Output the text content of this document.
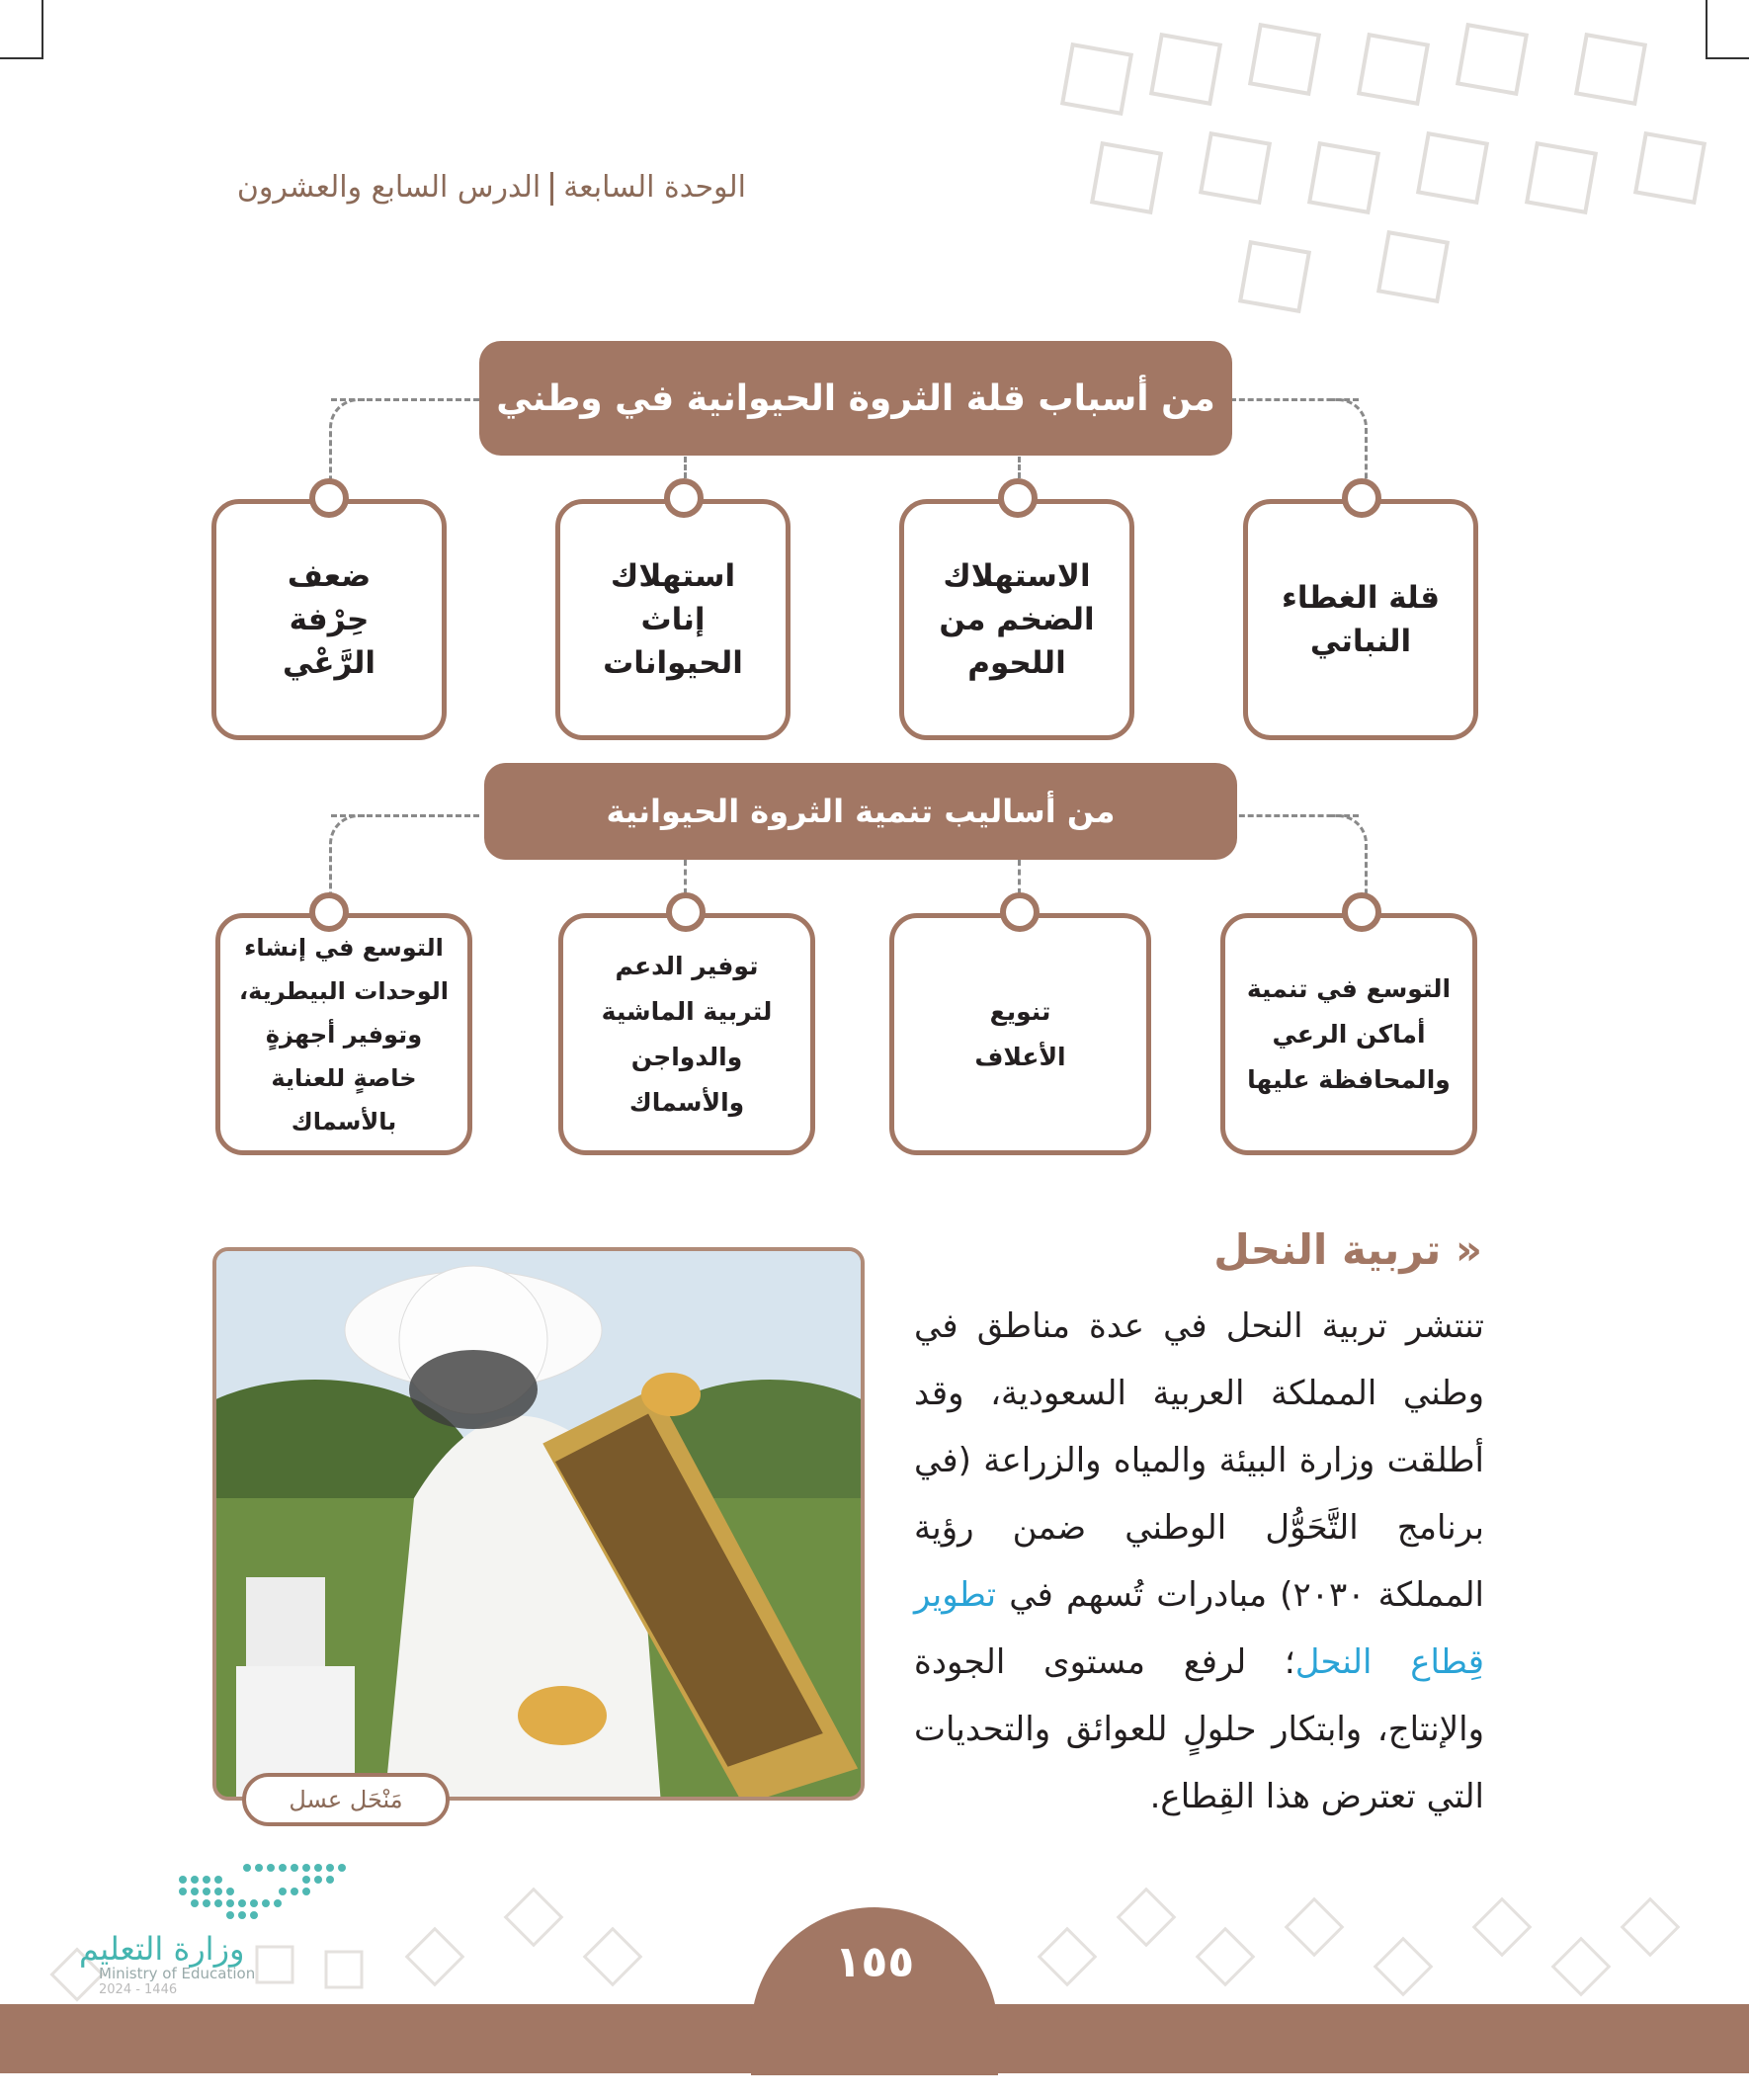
الوحدة السابعةالدرس السابع والعشرون
من أسباب قلة الثروة الحيوانية في وطني
قلة الغطاء النباتي
الاستهلاك الضخم من اللحوم
استهلاك إناث الحيوانات
ضعف حِرْفة الرَّعْي
من أساليب تنمية الثروة الحيوانية
التوسع في تنمية أماكن الرعي والمحافظة عليها
تنويع الأعلاف
توفير الدعم لتربية الماشية والدواجن والأسماك
التوسع في إنشاء الوحدات البيطرية، وتوفير أجهزةٍ خاصةٍ للعناية بالأسماك
« تربية النحل
تنتشر تربية النحل في عدة مناطق في وطني المملكة العربية السعودية، وقد أطلقت وزارة البيئة والمياه والزراعة (في برنامج التَّحَوُّل الوطني ضمن رؤية المملكة ٢٠٣٠) مبادرات تُسهم في تطوير قِطاع النحل؛ لرفع مستوى الجودة والإنتاج، وابتكار حلولٍ للعوائق والتحديات التي تعترض هذا القِطاع.
مَنْحَل عسل
١٥٥
وزارة التعليم
Ministry of Education
2024 - 1446
